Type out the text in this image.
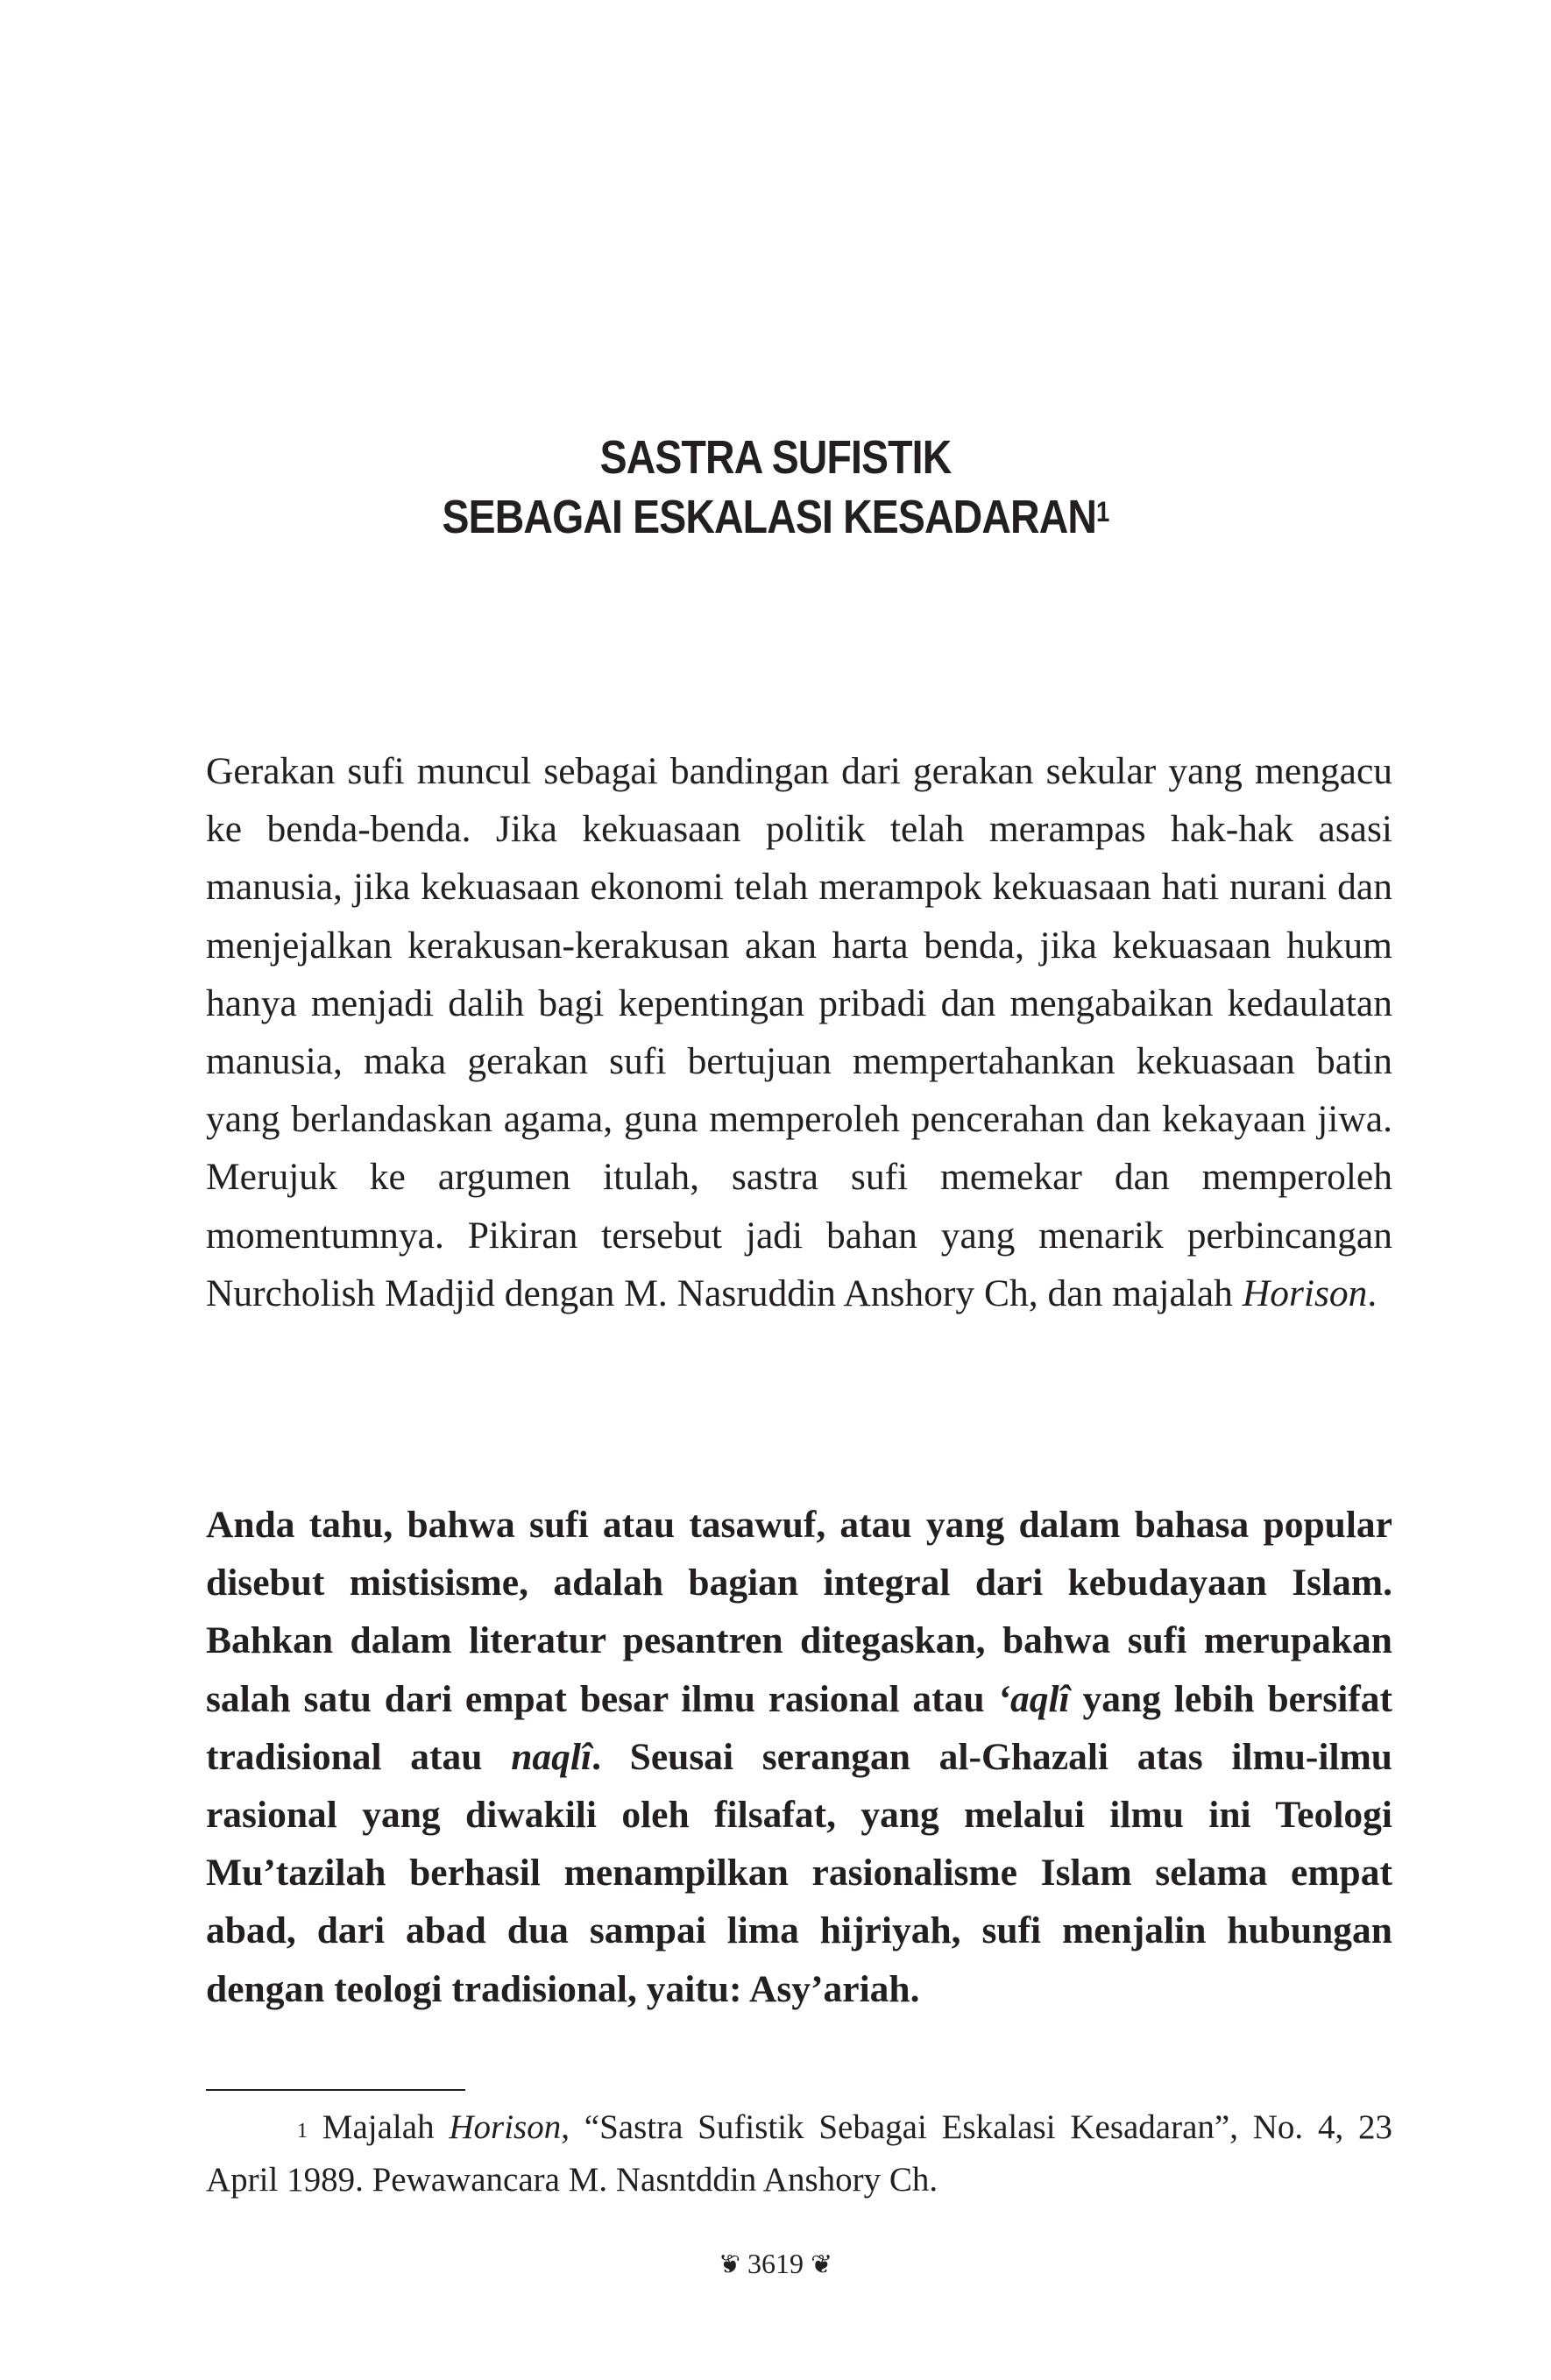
SASTRA SUFISTIK
SEBAGAI ESKALASI KESADARAN$^1$

Gerakan sufi muncul sebagai bandingan dari gerakan sekular yang mengacu ke benda-benda. Jika kekuasaan politik telah merampas hak-hak asasi manusia, jika kekuasaan ekonomi telah merampok kekuasaan hati nurani dan menjejalkan kerakusan-kerakusan akan harta benda, jika kekuasaan hukum hanya menjadi dalih bagi kepentingan pribadi dan mengabaikan kedaulatan manusia, maka gerakan sufi bertujuan mempertahankan kekuasaan batin yang berlandaskan agama, guna memperoleh pencerahan dan kekayaan jiwa. Merujuk ke argumen itulah, sastra sufi memekar dan memperoleh momentumnya. Pikiran tersebut jadi bahan yang menarik perbincangan Nurcholish Madjid dengan M. Nasruddin Anshory Ch, dan majalah Horison.

Anda tahu, bahwa sufi atau tasawuf, atau yang dalam bahasa popular disebut mistisisme, adalah bagian integral dari kebudayaan Islam. Bahkan dalam literatur pesantren ditegaskan, bahwa sufi merupakan salah satu dari empat besar ilmu rasional atau ʻaqlî yang lebih bersifat tradisional atau naqlî. Seusai serangan al-Ghazali atas ilmu-ilmu rasional yang diwakili oleh filsafat, yang melalui ilmu ini Teologi Mu’tazilah berhasil menampilkan rasionalisme Islam selama empat abad, dari abad dua sampai lima hijriyah, sufi menjalin hubungan dengan teologi tradisional, yaitu: Asy’ariah.

$^1$ Majalah Horison, “Sastra Sufistik Sebagai Eskalasi Kesadaran”, No. 4, 23 April 1989. Pewawancara M. Nasntddin Anshory Ch.

❦ 3619 ❦
